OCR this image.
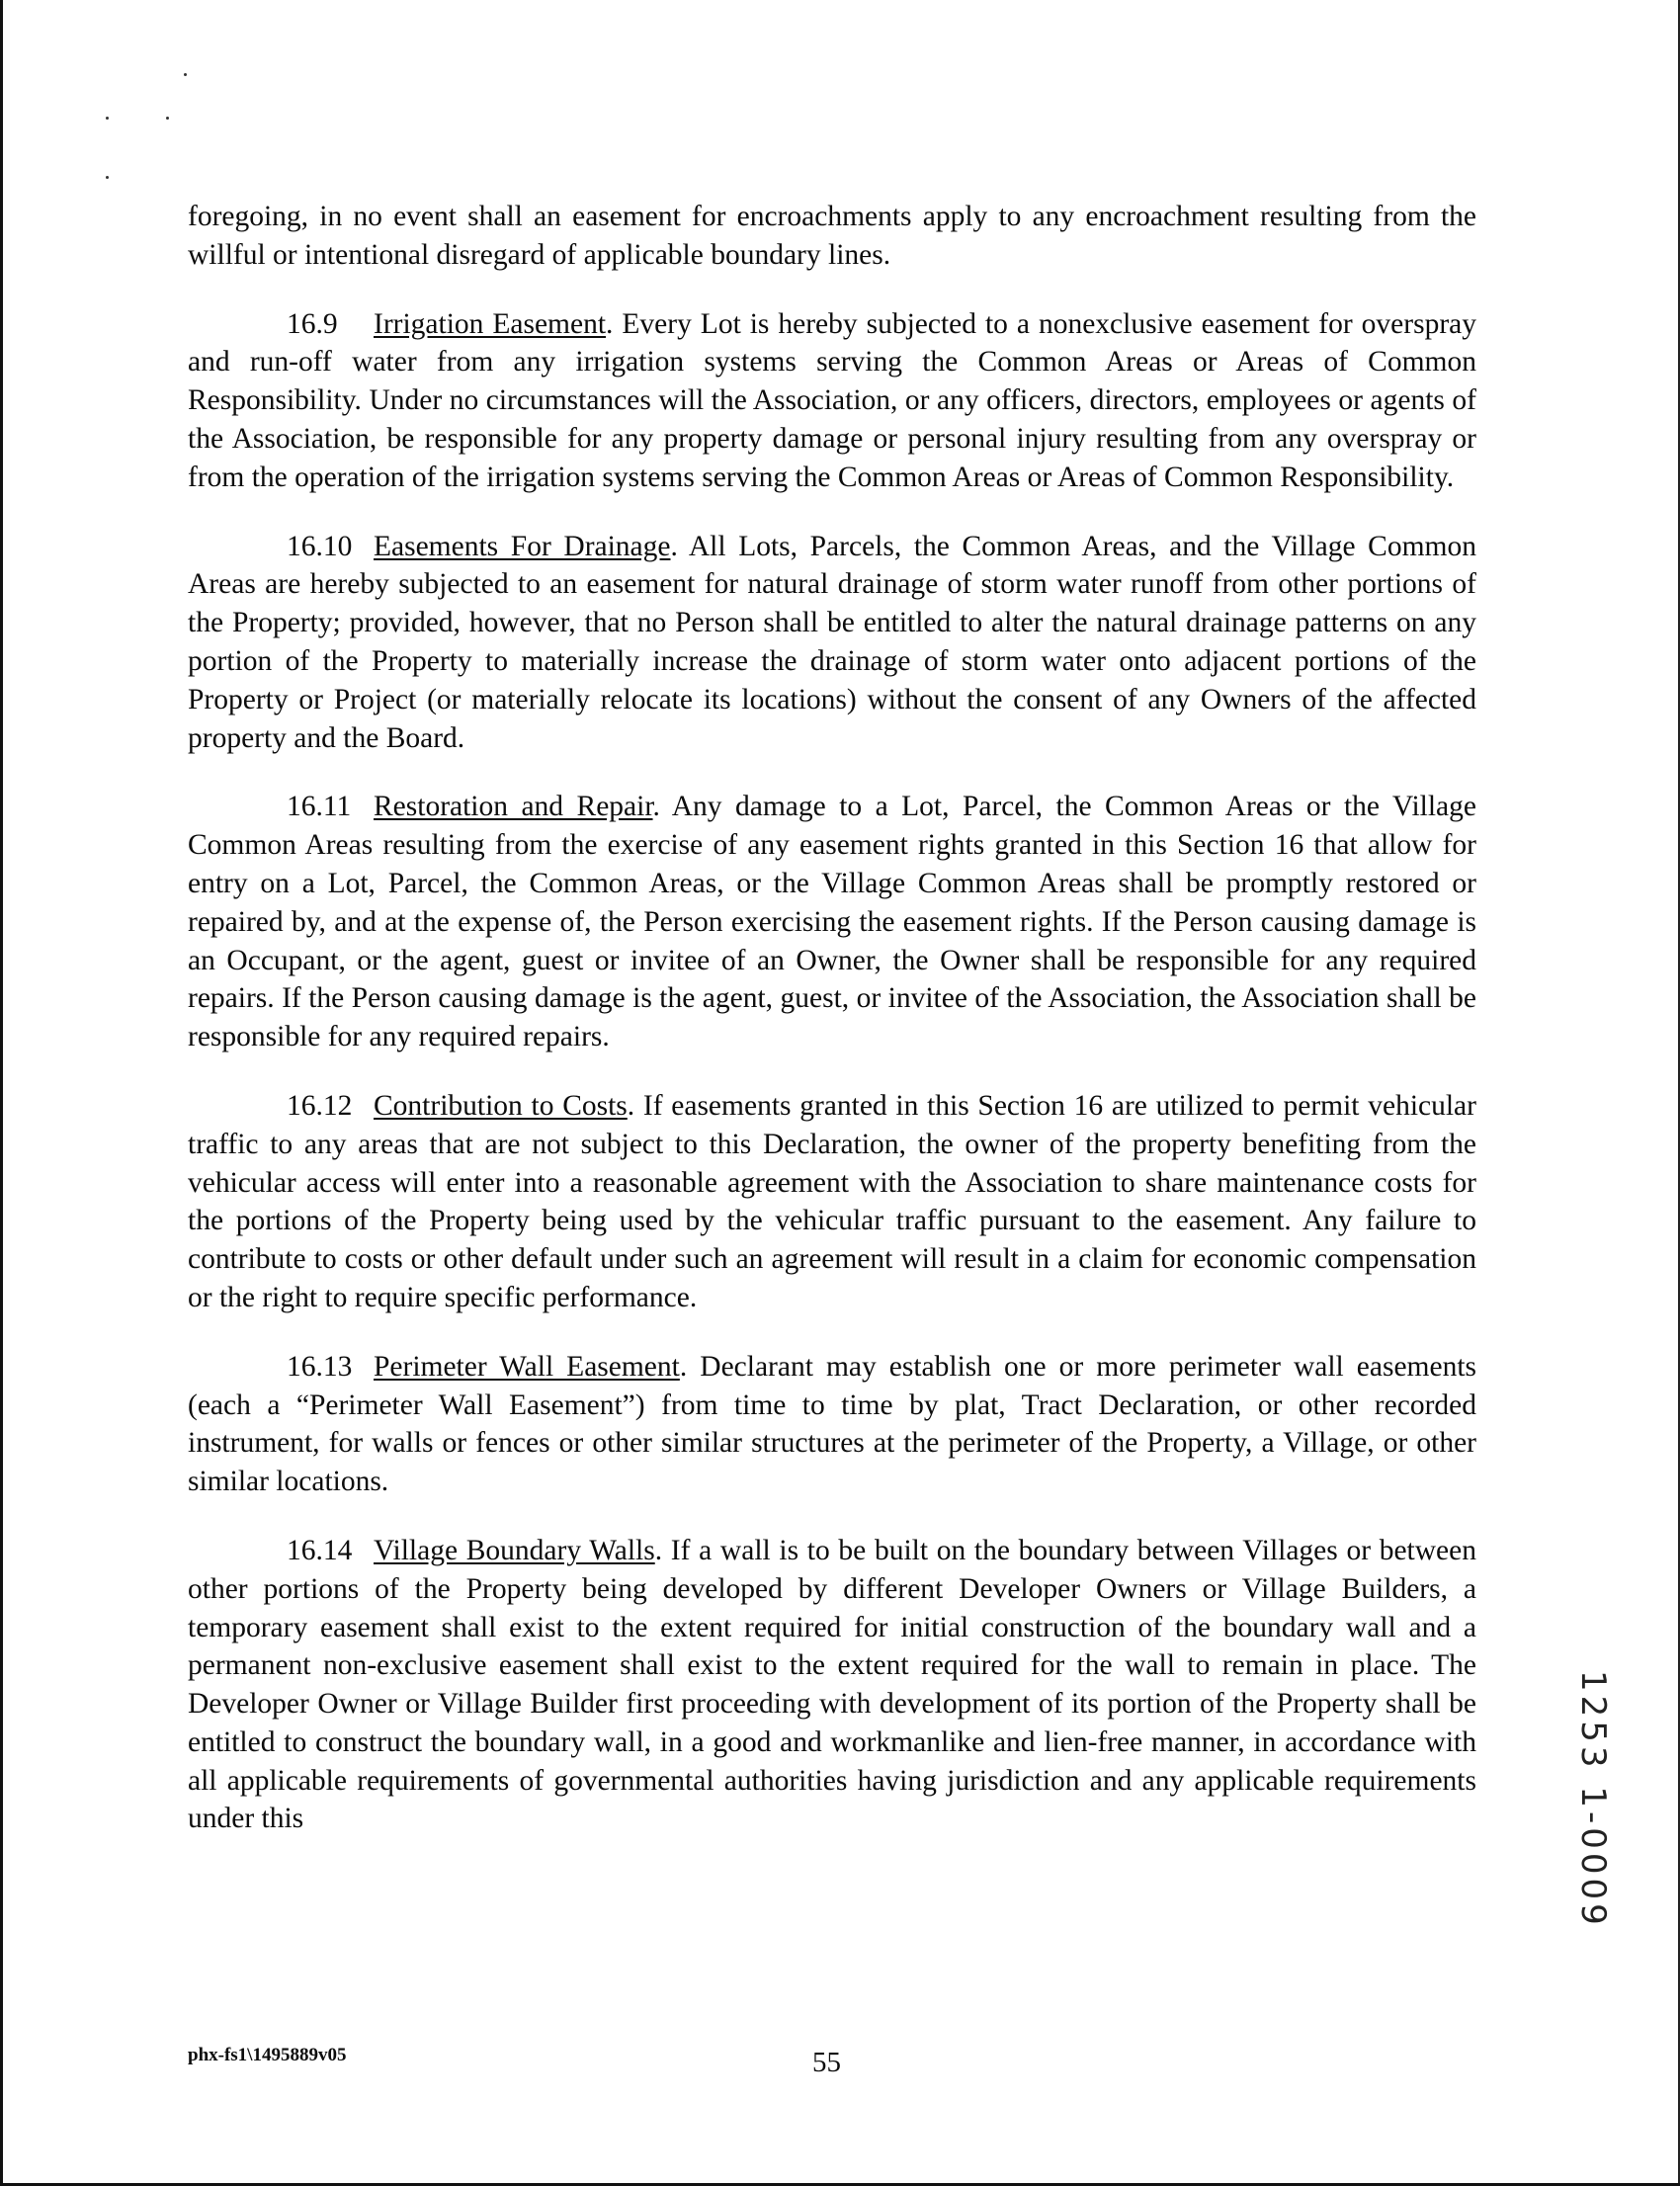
foregoing, in no event shall an easement for encroachments apply to any encroachment resulting from the willful or intentional disregard of applicable boundary lines.

16.9 Irrigation Easement. Every Lot is hereby subjected to a nonexclusive easement for overspray and run-off water from any irrigation systems serving the Common Areas or Areas of Common Responsibility. Under no circumstances will the Association, or any officers, directors, employees or agents of the Association, be responsible for any property damage or personal injury resulting from any overspray or from the operation of the irrigation systems serving the Common Areas or Areas of Common Responsibility.

16.10 Easements For Drainage. All Lots, Parcels, the Common Areas, and the Village Common Areas are hereby subjected to an easement for natural drainage of storm water runoff from other portions of the Property; provided, however, that no Person shall be entitled to alter the natural drainage patterns on any portion of the Property to materially increase the drainage of storm water onto adjacent portions of the Property or Project (or materially relocate its locations) without the consent of any Owners of the affected property and the Board.

16.11 Restoration and Repair. Any damage to a Lot, Parcel, the Common Areas or the Village Common Areas resulting from the exercise of any easement rights granted in this Section 16 that allow for entry on a Lot, Parcel, the Common Areas, or the Village Common Areas shall be promptly restored or repaired by, and at the expense of, the Person exercising the easement rights. If the Person causing damage is an Occupant, or the agent, guest or invitee of an Owner, the Owner shall be responsible for any required repairs. If the Person causing damage is the agent, guest, or invitee of the Association, the Association shall be responsible for any required repairs.

16.12 Contribution to Costs. If easements granted in this Section 16 are utilized to permit vehicular traffic to any areas that are not subject to this Declaration, the owner of the property benefiting from the vehicular access will enter into a reasonable agreement with the Association to share maintenance costs for the portions of the Property being used by the vehicular traffic pursuant to the easement. Any failure to contribute to costs or other default under such an agreement will result in a claim for economic compensation or the right to require specific performance.

16.13 Perimeter Wall Easement. Declarant may establish one or more perimeter wall easements (each a “Perimeter Wall Easement”) from time to time by plat, Tract Declaration, or other recorded instrument, for walls or fences or other similar structures at the perimeter of the Property, a Village, or other similar locations.

16.14 Village Boundary Walls. If a wall is to be built on the boundary between Villages or between other portions of the Property being developed by different Developer Owners or Village Builders, a temporary easement shall exist to the extent required for initial construction of the boundary wall and a permanent non-exclusive easement shall exist to the extent required for the wall to remain in place. The Developer Owner or Village Builder first proceeding with development of its portion of the Property shall be entitled to construct the boundary wall, in a good and workmanlike and lien-free manner, in accordance with all applicable requirements of governmental authorities having jurisdiction and any applicable requirements under this	1253 1-0009
phx-fs1\1495889v05	55
